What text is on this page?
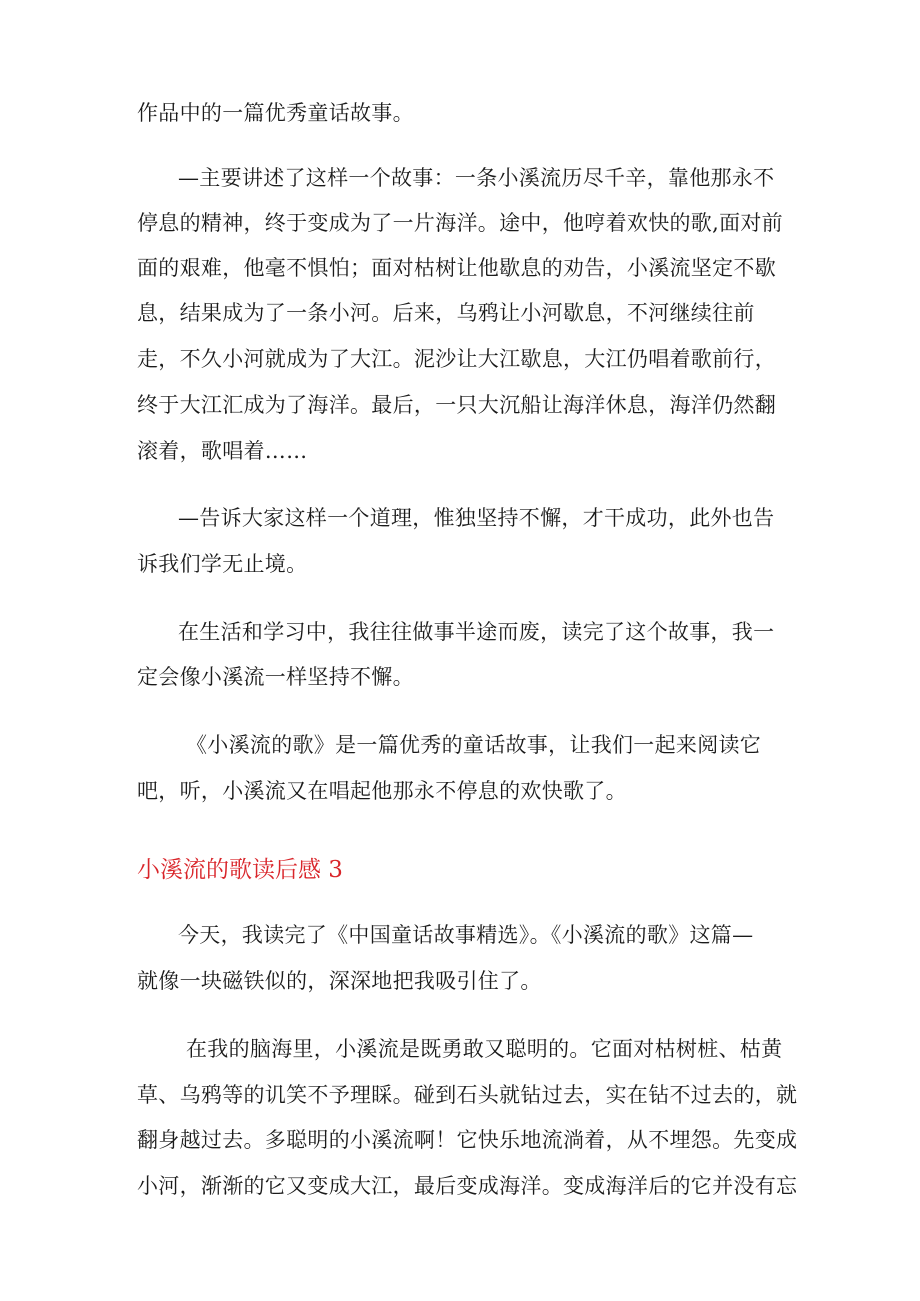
作品中的一篇优秀童话故事。
—主要讲述了这样一个故事：一条小溪流历尽千辛，靠他那永不
停息的精神，终于变成为了一片海洋。途中，他哼着欢快的歌,面对前
面的艰难，他毫不惧怕；面对枯树让他歇息的劝告，小溪流坚定不歇
息，结果成为了一条小河。后来，乌鸦让小河歇息，不河继续往前
走，不久小河就成为了大江。泥沙让大江歇息，大江仍唱着歌前行，
终于大江汇成为了海洋。最后，一只大沉船让海洋休息，海洋仍然翻
滚着，歌唱着……
—告诉大家这样一个道理，惟独坚持不懈，才干成功，此外也告
诉我们学无止境。
在生活和学习中，我往往做事半途而废，读完了这个故事，我一
定会像小溪流一样坚持不懈。
《小溪流的歌》是一篇优秀的童话故事，让我们一起来阅读它
吧，听，小溪流又在唱起他那永不停息的欢快歌了。
小溪流的歌读后感 3
今天，我读完了《中国童话故事精选》。《小溪流的歌》这篇—
就像一块磁铁似的，深深地把我吸引住了。
在我的脑海里，小溪流是既勇敢又聪明的。它面对枯树桩、枯黄
草、乌鸦等的讥笑不予理睬。碰到石头就钻过去，实在钻不过去的，就
翻身越过去。多聪明的小溪流啊！它快乐地流淌着，从不埋怨。先变成
小河，渐渐的它又变成大江，最后变成海洋。变成海洋后的它并没有忘
